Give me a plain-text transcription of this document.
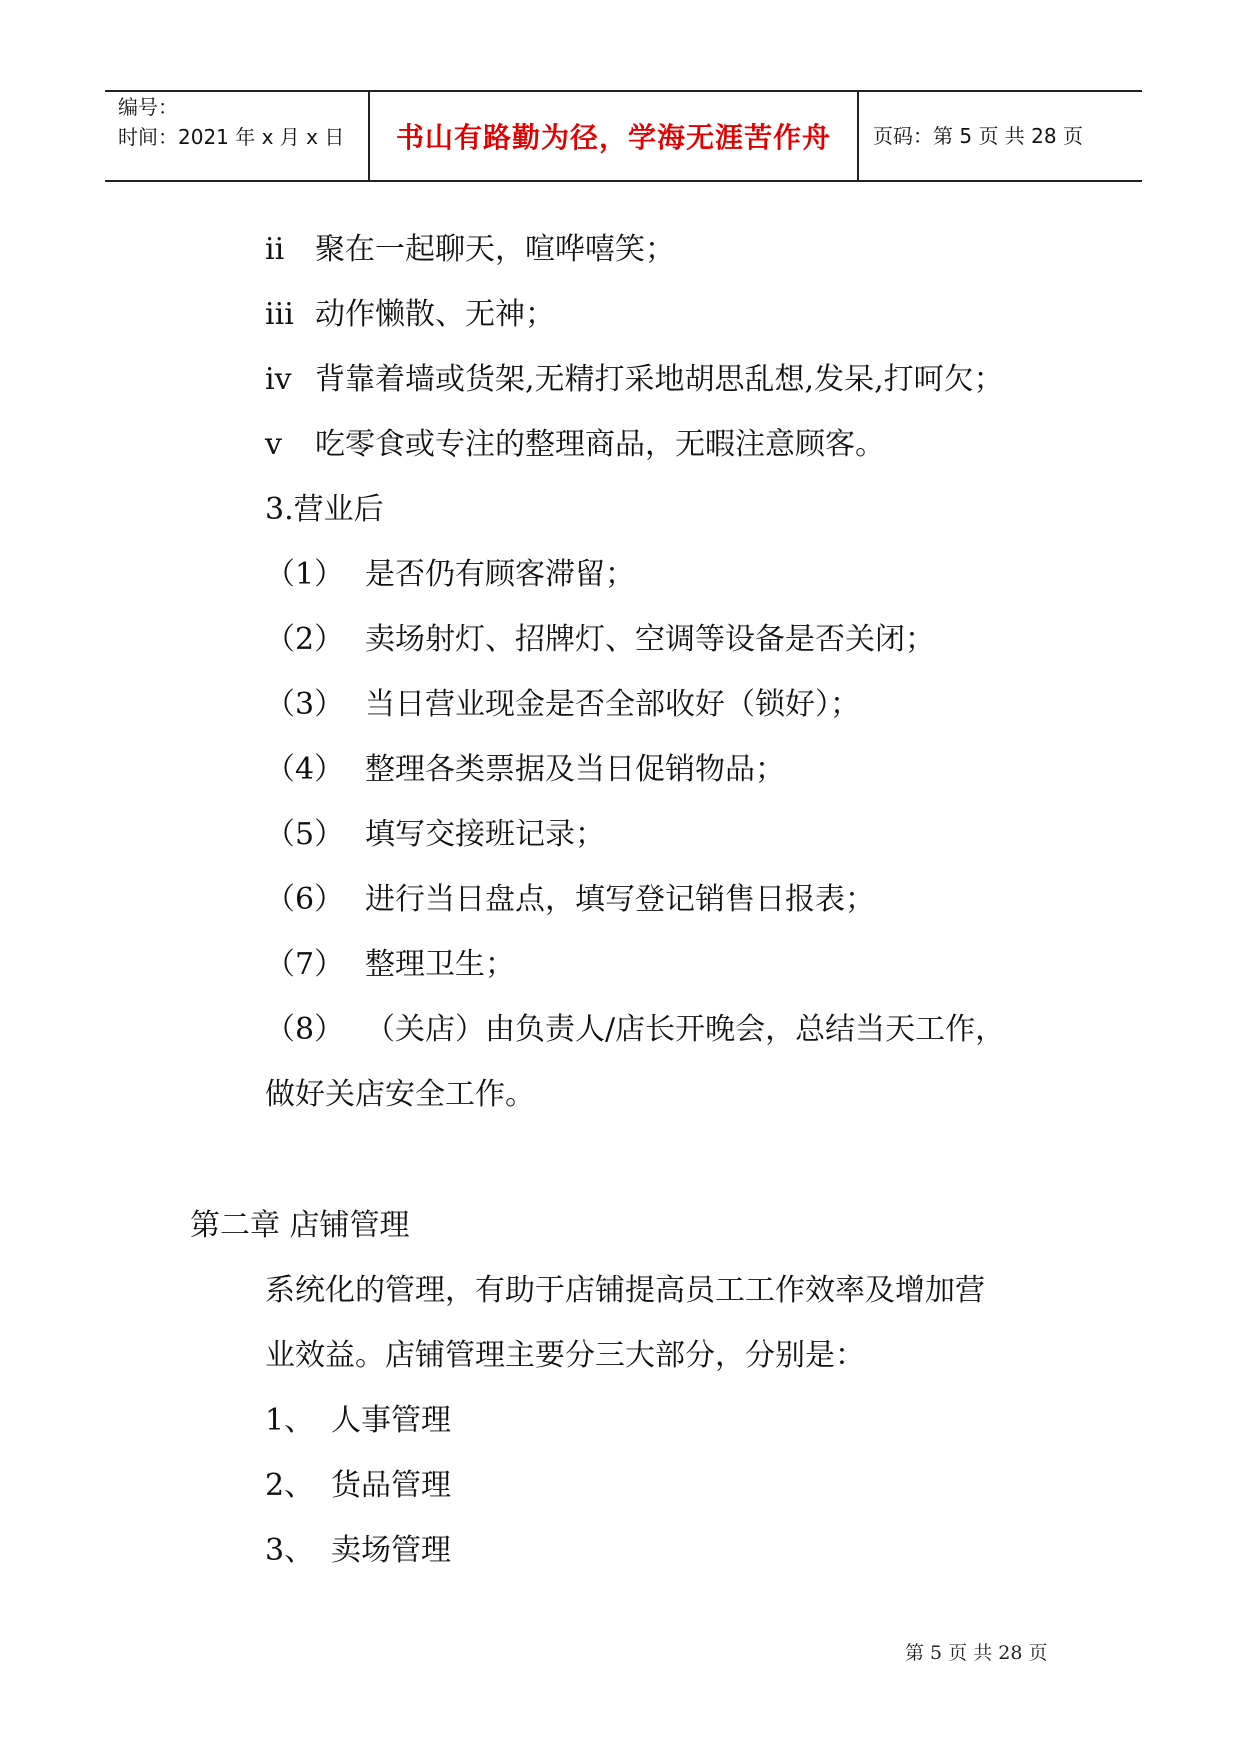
编号：
时间：2021 年 x 月 x 日	书山有路勤为径，学海无涯苦作舟	页码：第 5 页 共 28 页
ii 聚在一起聊天，喧哗嘻笑；
iii 动作懒散、无神；
iv 背靠着墙或货架,无精打采地胡思乱想,发呆,打呵欠；
v 吃零食或专注的整理商品，无暇注意顾客。
3.营业后
（1） 是否仍有顾客滞留；
（2） 卖场射灯、招牌灯、空调等设备是否关闭；
（3） 当日营业现金是否全部收好（锁好）；
（4） 整理各类票据及当日促销物品；
（5） 填写交接班记录；
（6） 进行当日盘点，填写登记销售日报表；
（7） 整理卫生；
（8） （关店）由负责人/店长开晚会，总结当天工作，
做好关店安全工作。
第二章 店铺管理
系统化的管理，有助于店铺提高员工工作效率及增加营
业效益。店铺管理主要分三大部分，分别是：
1、 人事管理
2、 货品管理
3、 卖场管理
第 5 页 共 28 页
